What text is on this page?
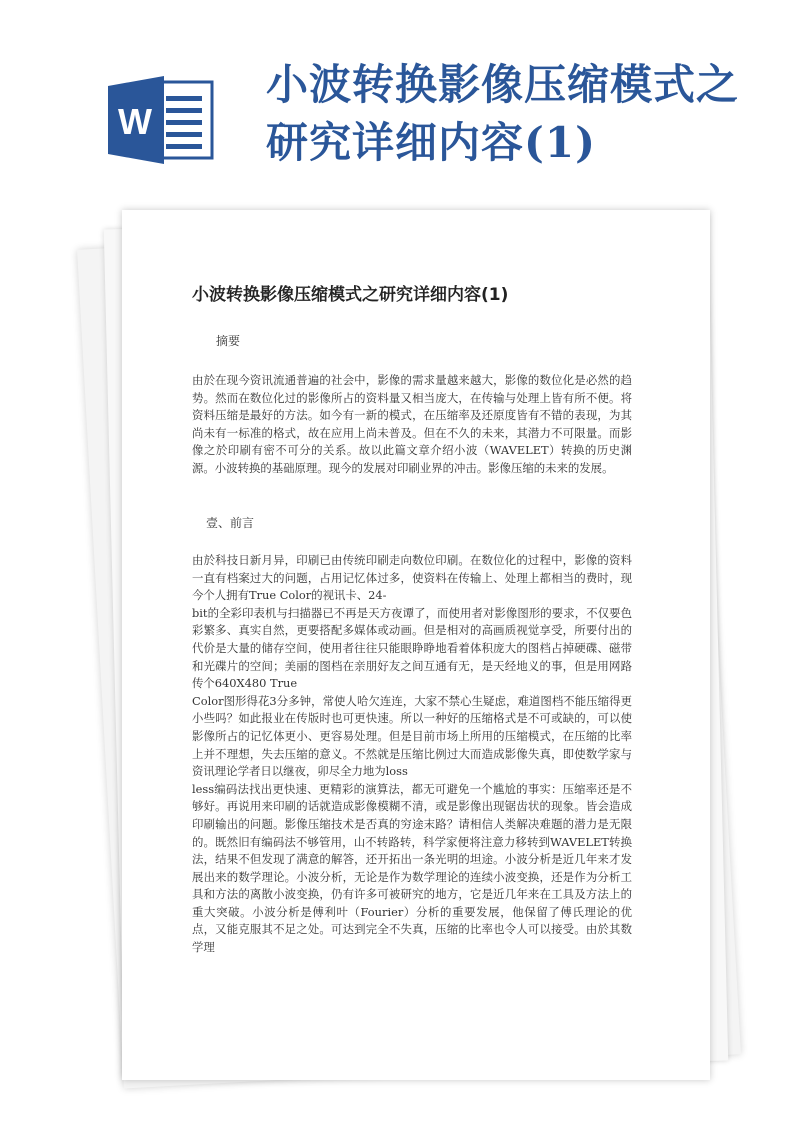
W
小波转换影像压缩模式之研究详细内容(1)
小波转换影像压缩模式之研究详细内容(1)
摘要
由於在现今资讯流通普遍的社会中，影像的需求量越来越大，影像的数位化是必然的趋势。然而在数位化过的影像所占的资料量又相当庞大，在传输与处理上皆有所不便。将资料压缩是最好的方法。如今有一新的模式，在压缩率及还原度皆有不错的表现，为其尚未有一标准的格式，故在应用上尚未普及。但在不久的未来，其潜力不可限量。而影像之於印刷有密不可分的关系。故以此篇文章介绍小波（WAVELET）转换的历史渊源。小波转换的基础原理。现今的发展对印刷业界的冲击。影像压缩的未来的发展。
壹、前言
由於科技日新月异，印刷已由传统印刷走向数位印刷。在数位化的过程中，影像的资料一直有档案过大的问题，占用记忆体过多，使资料在传输上、处理上都相当的费时，现今个人拥有True Color的视讯卡、24-
bit的全彩印表机与扫描器已不再是天方夜谭了，而使用者对影像图形的要求，不仅要色彩繁多、真实自然，更要搭配多媒体或动画。但是相对的高画质视觉享受，所要付出的代价是大量的储存空间，使用者往往只能眼睁睁地看着体积庞大的图档占掉硬碟、磁带和光碟片的空间；美丽的图档在亲朋好友之间互通有无，是天经地义的事，但是用网路传个640X480 True
Color图形得花3分多钟，常使人哈欠连连，大家不禁心生疑虑，难道图档不能压缩得更小些吗？如此报业在传版时也可更快速。所以一种好的压缩格式是不可或缺的，可以使影像所占的记忆体更小、更容易处理。但是目前市场上所用的压缩模式，在压缩的比率上并不理想，失去压缩的意义。不然就是压缩比例过大而造成影像失真，即使数学家与资讯理论学者日以继夜，卯尽全力地为loss
less编码法找出更快速、更精彩的演算法，都无可避免一个尴尬的事实：压缩率还是不够好。再说用来印刷的话就造成影像模糊不清，或是影像出现锯齿状的现象。皆会造成印刷输出的问题。影像压缩技术是否真的穷途末路？请相信人类解决难题的潜力是无限的。既然旧有编码法不够管用，山不转路转，科学家便将注意力移转到WAVELET转换法，结果不但发现了满意的解答，还开拓出一条光明的坦途。小波分析是近几年来才发展出来的数学理论。小波分析，无论是作为数学理论的连续小波变换，还是作为分析工具和方法的离散小波变换，仍有许多可被研究的地方，它是近几年来在工具及方法上的重大突破。小波分析是傅利叶（Fourier）分析的重要发展，他保留了傅氏理论的优点，又能克服其不足之处。可达到完全不失真，压缩的比率也令人可以接受。由於其数学理
